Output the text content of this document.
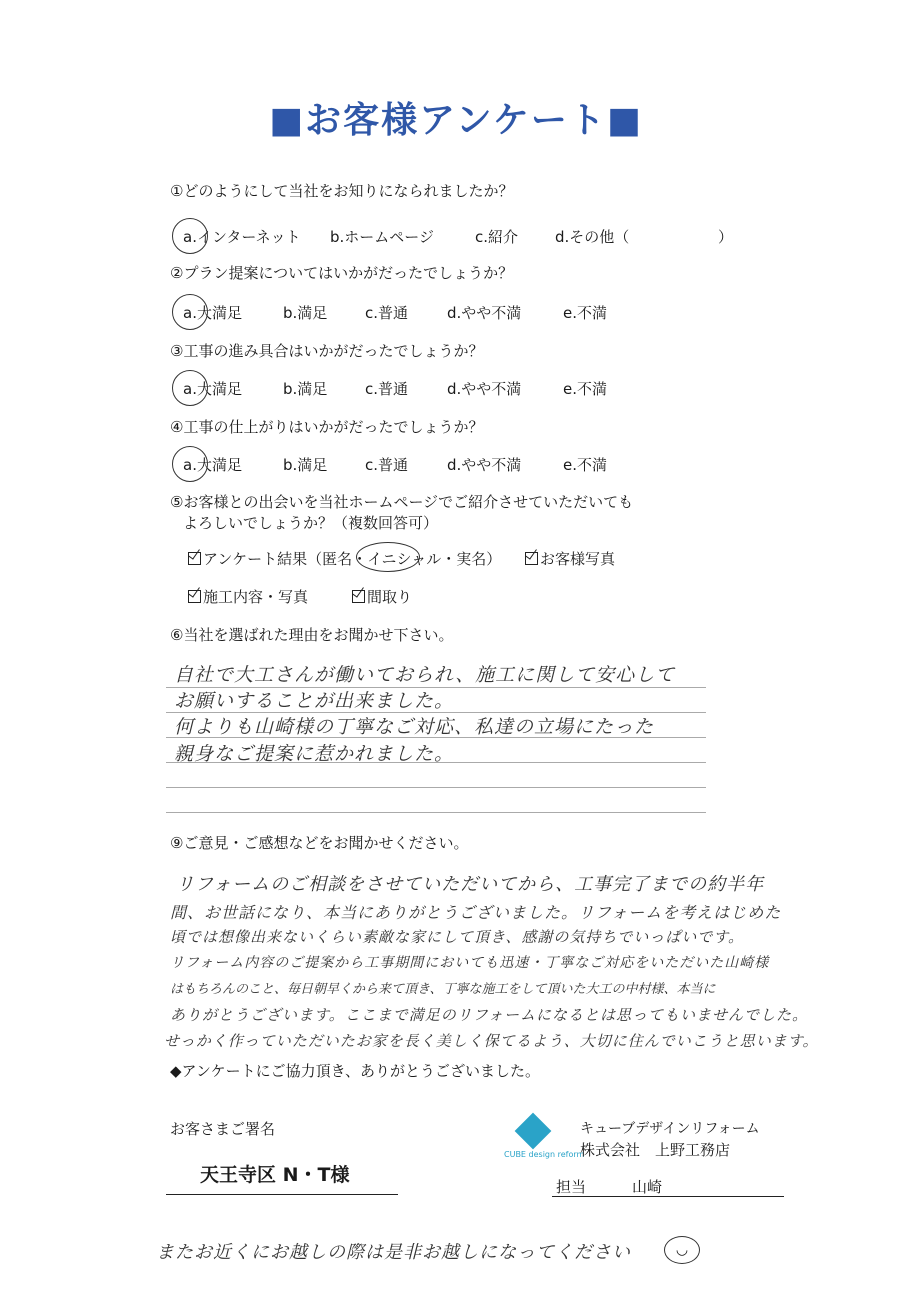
■お客様アンケート■
①どのようにして当社をお知りになられましたか？
a.インターネット b.ホームページ	c.紹介 d.その他（	）
②プラン提案についてはいかがだったでしょうか？
a.大満足	b.満足	c.普通	d.やや不満	e.不満
③工事の進み具合はいかがだったでしょうか？
a.大満足	b.満足	c.普通	d.やや不満	e.不満
④工事の仕上がりはいかがだったでしょうか？
a.大満足	b.満足	c.普通	d.やや不満	e.不満
⑤お客様との出会いを当社ホームページでご紹介させていただいても
よろしいでしょうか？（複数回答可）
アンケート結果（匿名・イニシャル・実名）	お客様写真
施工内容・写真	間取り
⑥当社を選ばれた理由をお聞かせ下さい。
自社で大工さんが働いておられ、施工に関して安心して
お願いすることが出来ました。
何よりも山崎様の丁寧なご対応、私達の立場にたった
親身なご提案に惹かれました。
⑨ご意見・ご感想などをお聞かせください。
リフォームのご相談をさせていただいてから、工事完了までの約半年
間、お世話になり、本当にありがとうございました。リフォームを考えはじめた
頃では想像出来ないくらい素敵な家にして頂き、感謝の気持ちでいっぱいです。
リフォーム内容のご提案から工事期間においても迅速・丁寧なご対応をいただいた山崎様
はもちろんのこと、毎日朝早くから来て頂き、丁寧な施工をして頂いた大工の中村様、本当に
ありがとうございます。ここまで満足のリフォームになるとは思ってもいませんでした。
せっかく作っていただいたお家を長く美しく保てるよう、大切に住んでいこうと思います。
◆アンケートにご協力頂き、ありがとうございました。
お客さまご署名
天王寺区 N・T様
CUBE design reform
キューブデザインリフォーム
株式会社　上野工務店
担当	山崎
またお近くにお越しの際は是非お越しになってください	◡
